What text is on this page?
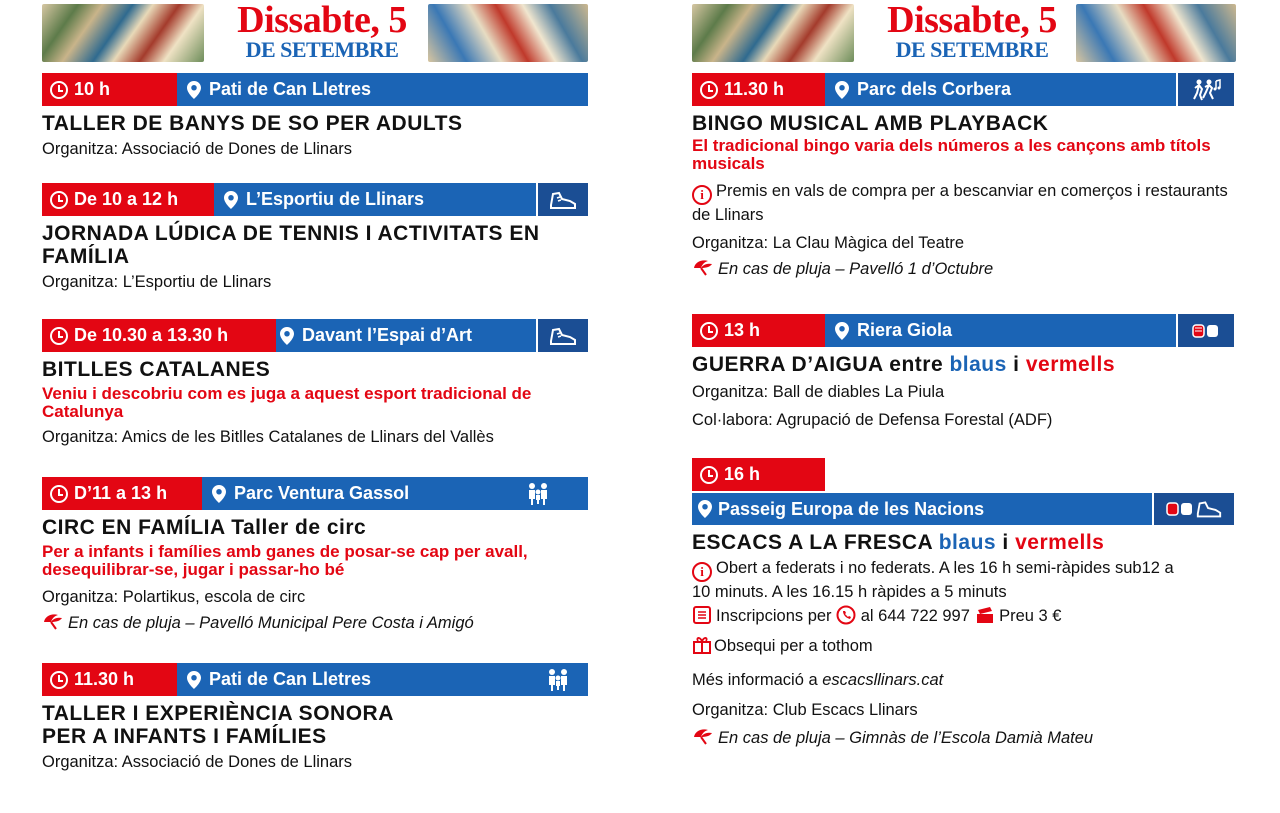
Dissabte, 5
DE SETEMBRE
10 h	Pati de Can Lletres
TALLER DE BANYS DE SO PER ADULTS
Organitza: Associació de Dones de Llinars
De 10 a 12 h	L’Esportiu de Llinars
JORNADA LÚDICA DE TENNIS I ACTIVITATS EN FAMÍLIA
Organitza: L’Esportiu de Llinars
De 10.30 a 13.30 h	Davant l’Espai d’Art
BITLLES CATALANES
Veniu i descobriu com es juga a aquest esport tradicional de Catalunya
Organitza: Amics de les Bitlles Catalanes de Llinars del Vallès
D’11 a 13 h	Parc Ventura Gassol
CIRC EN FAMÍLIA Taller de circ
Per a infants i famílies amb ganes de posar-se cap per avall, desequilibrar-se, jugar i passar-ho bé
Organitza: Polartikus, escola de circ
En cas de pluja – Pavelló Municipal Pere Costa i Amigó
11.30 h	Pati de Can Lletres
TALLER I EXPERIÈNCIA SONORA PER A INFANTS I FAMÍLIES
Organitza: Associació de Dones de Llinars
Dissabte, 5
DE SETEMBRE
11.30 h	Parc dels Corbera
BINGO MUSICAL AMB PLAYBACK
El tradicional bingo varia dels números a les cançons amb títols musicals
i Premis en vals de compra per a bescanviar en comerços i restaurants de Llinars
Organitza: La Clau Màgica del Teatre
En cas de pluja – Pavelló 1 d’Octubre
13 h	Riera Giola
GUERRA D’AIGUA entre blaus i vermells
Organitza: Ball de diables La Piula
Col·labora: Agrupació de Defensa Forestal (ADF)
16 h
Passeig Europa de les Nacions
ESCACS A LA FRESCA blaus i vermells
i Obert a federats i no federats. A les 16 h semi-ràpides sub12 a 10 minuts. A les 16.15 h ràpides a 5 minuts
Inscripcions per  al 644 722 997  Preu 3 €
Obsequi per a tothom
Més informació a escacsllinars.cat
Organitza: Club Escacs Llinars
En cas de pluja – Gimnàs de l’Escola Damià Mateu
